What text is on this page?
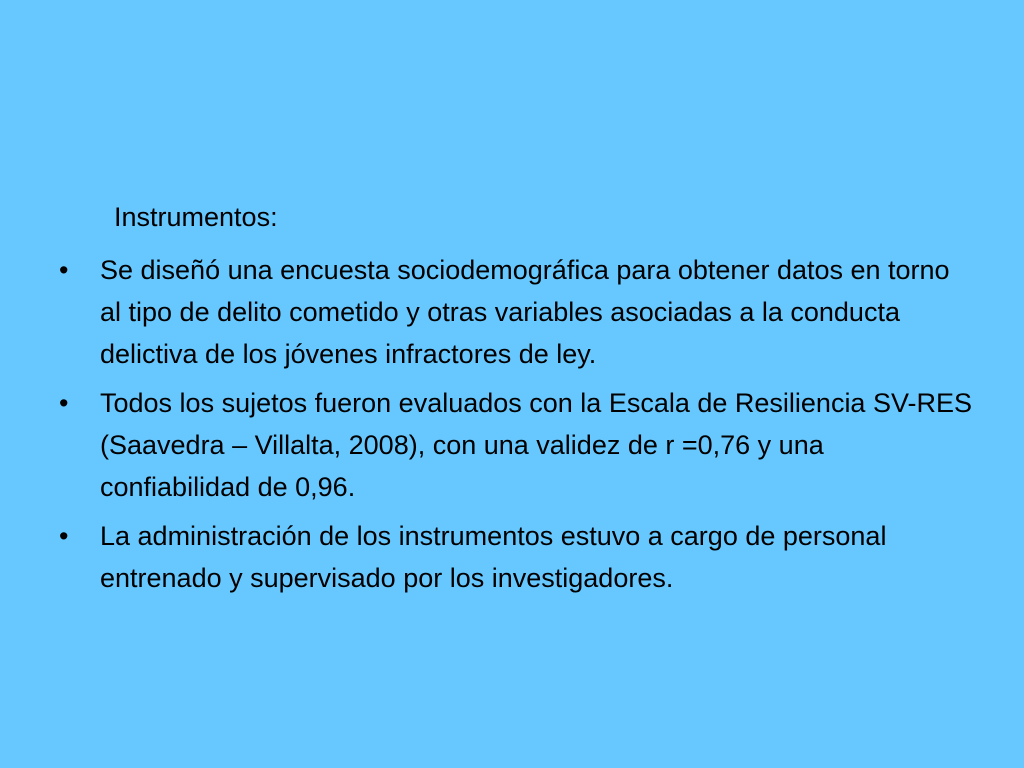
Instrumentos:
•	Se diseñó una encuesta sociodemográfica para obtener datos en torno al tipo de delito cometido y otras variables asociadas a la conducta delictiva de los jóvenes infractores de ley.
•	Todos los sujetos fueron evaluados con la Escala de Resiliencia SV-RES (Saavedra – Villalta, 2008), con una validez de r =0,76 y una confiabilidad de 0,96.
•	La administración de los instrumentos estuvo a cargo de personal entrenado y supervisado por los investigadores.
